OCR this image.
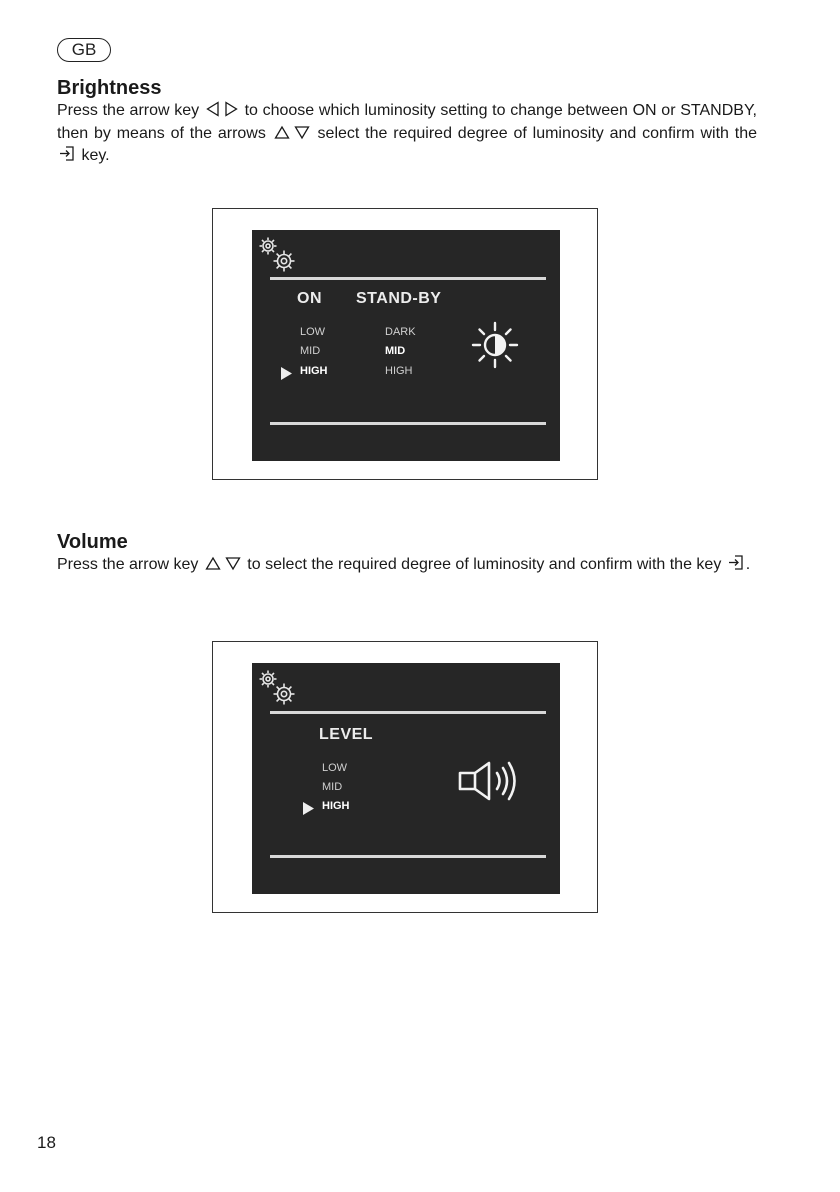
GB
Brightness
Press the arrow key	to choose which luminosity setting to change between ON or STANDBY, then by means of the arrows	select the required degree of luminosity and confirm with the
key.
ON STAND-BY
LOW
MID
HIGH
DARK
MID
HIGH
Volume
Press the arrow key	to select the required degree of luminosity and confirm with the key .
LEVEL
LOW
MID
HIGH
18
